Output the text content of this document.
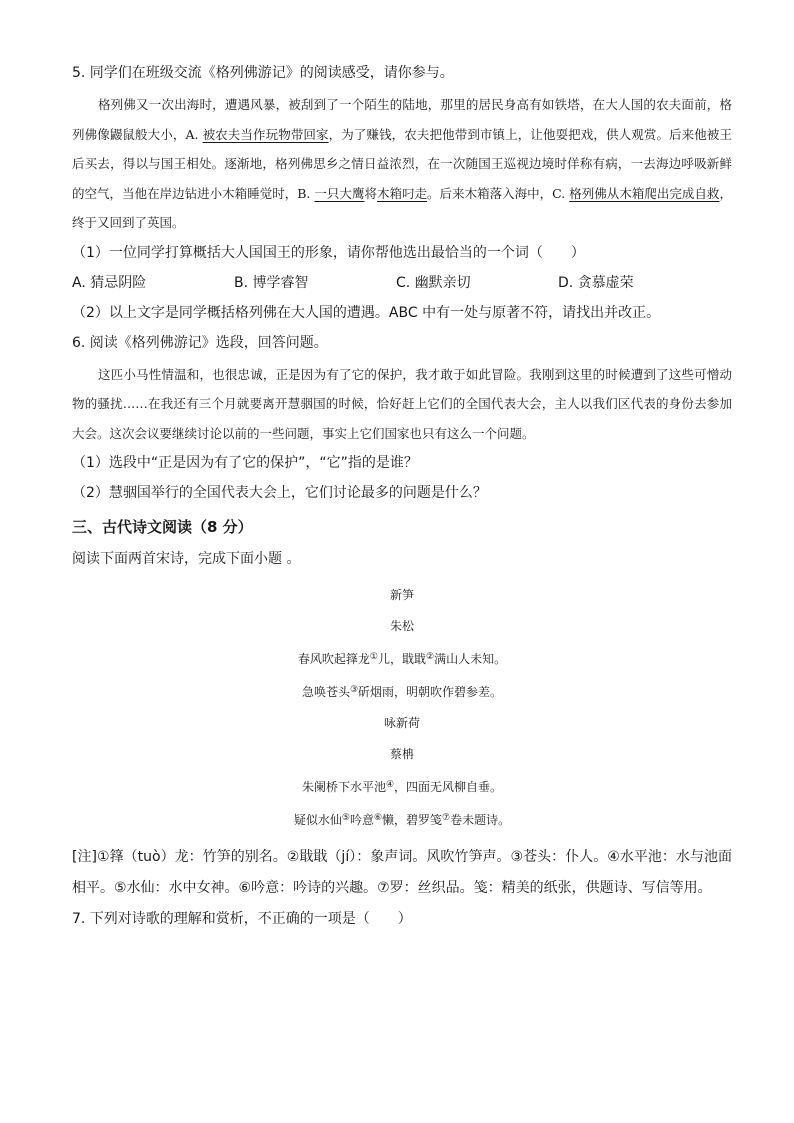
5. 同学们在班级交流《格列佛游记》的阅读感受，请你参与。

格列佛又一次出海时，遭遇风暴，被刮到了一个陌生的陆地，那里的居民身高有如铁塔，在大人国的农夫面前，格列佛像鼹鼠般大小，A. 被农夫当作玩物带回家，为了赚钱，农夫把他带到市镇上，让他耍把戏，供人观赏。后来他被王后买去，得以与国王相处。逐渐地，格列佛思乡之情日益浓烈，在一次随国王巡视边境时佯称有病，一去海边呼吸新鲜的空气，当他在岸边钻进小木箱睡觉时，B. 一只大鹰将木箱叼走。后来木箱落入海中，C. 格列佛从木箱爬出完成自救，终于又回到了英国。

（1）一位同学打算概括大人国国王的形象，请你帮他选出最恰当的一个词（　　）

A. 猜忌阴险	B. 博学睿智	C. 幽默亲切	D. 贪慕虚荣

（2）以上文字是同学概括格列佛在大人国的遭遇。ABC 中有一处与原著不符，请找出并改正。

6. 阅读《格列佛游记》选段，回答问题。

这匹小马性情温和，也很忠诚，正是因为有了它的保护，我才敢于如此冒险。我刚到这里的时候遭到了这些可憎动物的骚扰……在我还有三个月就要离开慧骃国的时候，恰好赶上它们的全国代表大会，主人以我们区代表的身份去参加大会。这次会议要继续讨论以前的一些问题，事实上它们国家也只有这么一个问题。

（1）选段中“正是因为有了它的保护”，“它”指的是谁？

（2）慧骃国举行的全国代表大会上，它们讨论最多的问题是什么？

三、古代诗文阅读（8 分）

阅读下面两首宋诗，完成下面小题 。

新笋
朱松
春风吹起箨龙①儿，戢戢②满山人未知。
急唤苍头③斫烟雨，明朝吹作碧参差。
咏新荷
蔡柟
朱阑桥下水平池④，四面无风柳自垂。
疑似水仙⑤吟意⑥懒，碧罗笺⑦卷未题诗。

[注]①箨（tuò）龙：竹笋的别名。②戢戢（jí）：象声词。风吹竹笋声。③苍头：仆人。④水平池：水与池面相平。⑤水仙：水中女神。⑥吟意：吟诗的兴趣。⑦罗：丝织品。笺：精美的纸张，供题诗、写信等用。

7. 下列对诗歌的理解和赏析，不正确的一项是（　　）
